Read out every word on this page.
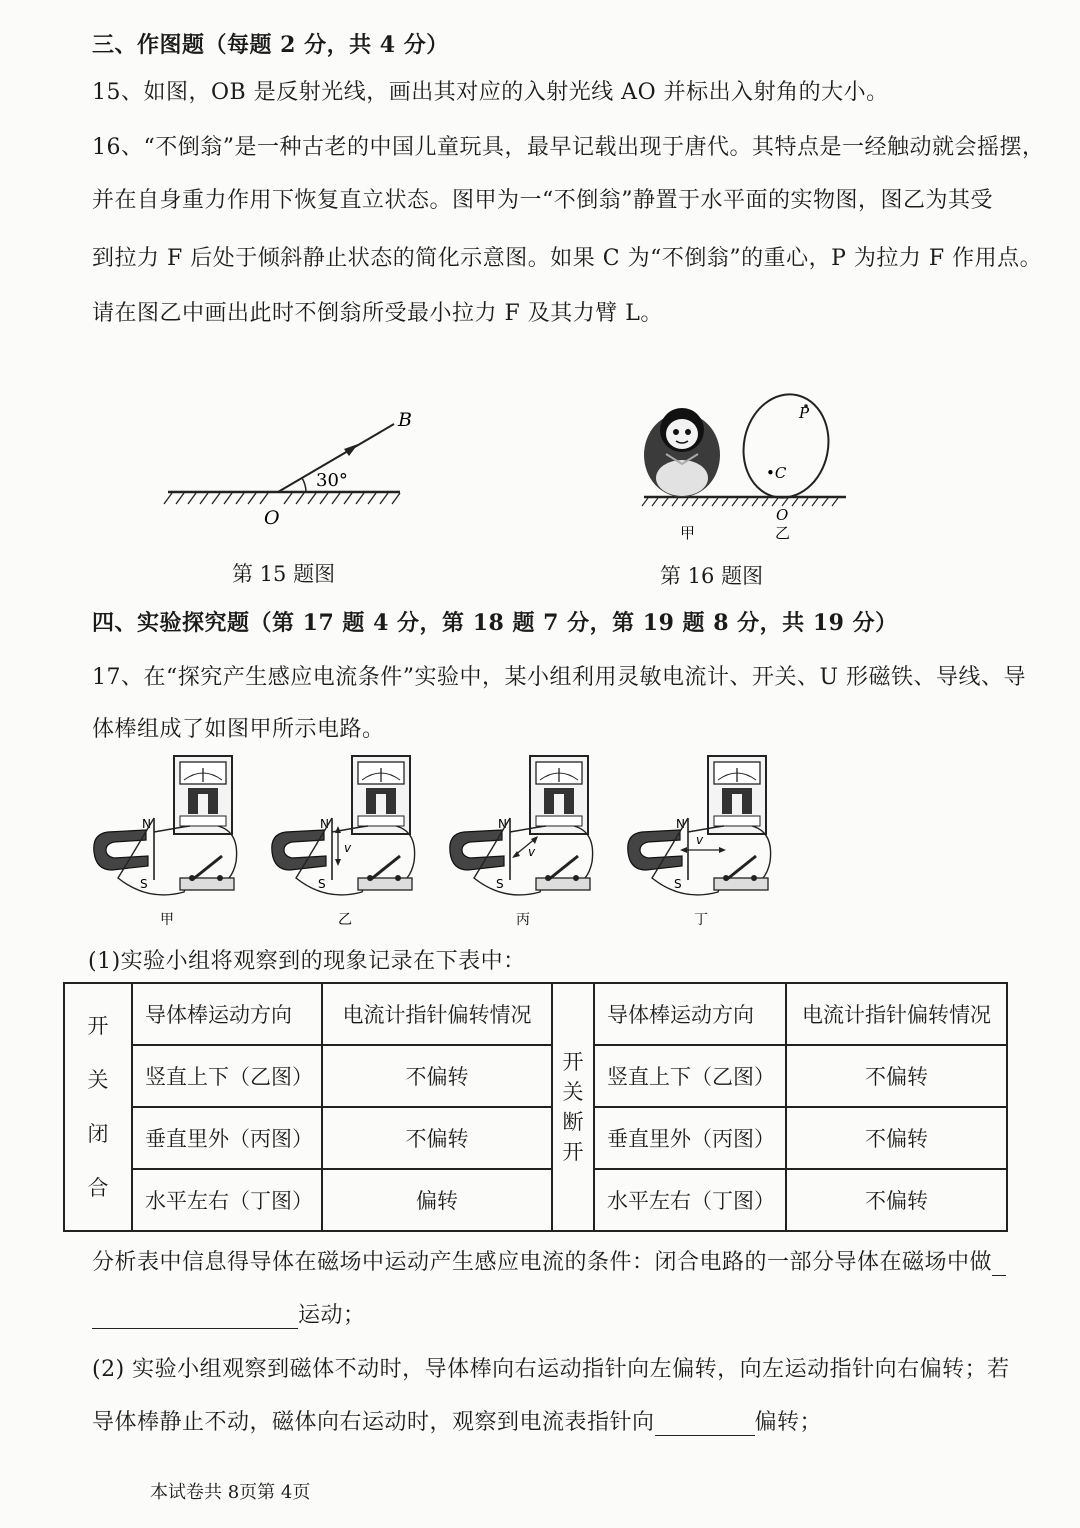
三、作图题（每题 2 分，共 4 分）
15、如图，OB 是反射光线，画出其对应的入射光线 AO 并标出入射角的大小。
16、“不倒翁”是一种古老的中国儿童玩具，最早记载出现于唐代。其特点是一经触动就会摇摆，
并在自身重力作用下恢复直立状态。图甲为一“不倒翁”静置于水平面的实物图，图乙为其受
到拉力 F 后处于倾斜静止状态的简化示意图。如果 C 为“不倒翁”的重心，P 为拉力 F 作用点。
请在图乙中画出此时不倒翁所受最小拉力 F 及其力臂 L。
30°
B
O
第 15 题图
P
•C
O
甲	乙
第 16 题图
四、实验探究题（第 17 题 4 分，第 18 题 7 分，第 19 题 8 分，共 19 分）
17、在“探究产生感应电流条件”实验中，某小组利用灵敏电流计、开关、U 形磁铁、导线、导
体棒组成了如图甲所示电路。
N
S
甲
N
S
v
乙
N
S
v
丙
N
S
v
丁
(1)实验小组将观察到的现象记录在下表中：
开
关
闭
合	导体棒运动方向	电流计指针偏转情况	开
关
断
开	导体棒运动方向	电流计指针偏转情况
	竖直上下（乙图）	不偏转		竖直上下（乙图）	不偏转
	垂直里外（丙图）	不偏转		垂直里外（丙图）	不偏转
	水平左右（丁图）	偏转		水平左右（丁图）	不偏转
分析表中信息得导体在磁场中运动产生感应电流的条件：闭合电路的一部分导体在磁场中做
运动；
(2) 实验小组观察到磁体不动时，导体棒向右运动指针向左偏转，向左运动指针向右偏转；若
导体棒静止不动，磁体向右运动时，观察到电流表指针向	偏转；
本试卷共 8页第 4页
